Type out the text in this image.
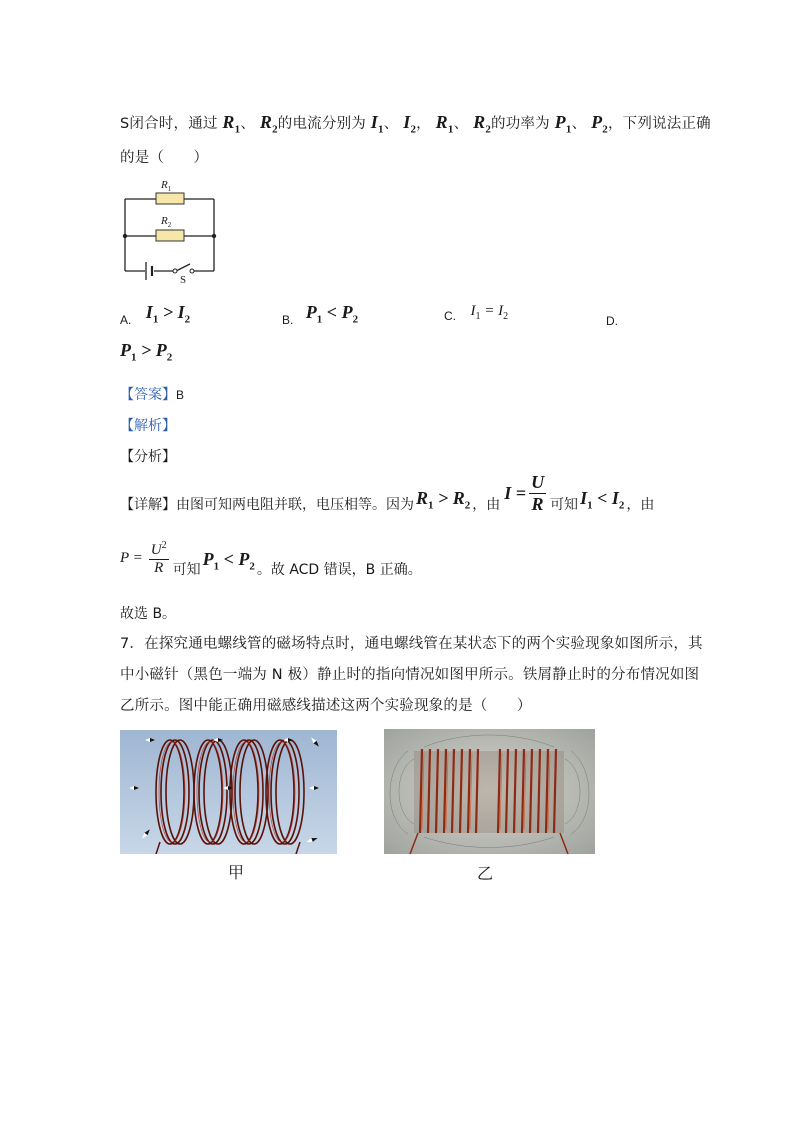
S闭合时，通过 $R_1$、 $R_2$的电流分别为 $I_1$、 $I_2$， $R_1$、 $R_2$的功率为 $P_1$、 $P_2$，下列说法正确
的是（　　）
$R_1$
$R_2$
S
A. $I_1 > I_2$	B. $P_1 < P_2$	C. $I_1 = I_2$	D.
$P_1 > P_2$
【答案】B
【解析】
【分析】
【详解】 由图可知两电阻并联，电压相等。因为 $R_1 > R_2$ ，由
$I = \frac{U}{R}$ 可知 $I_1 < I_2$ ，由
$P = \frac{U^2}{R}$ 可知
$P_1 < P_2$ 。故 ACD 错误，B 正确。
故选 B。
7．在探究通电螺线管的磁场特点时，通电螺线管在某状态下的两个实验现象如图所示，其
中小磁针（黑色一端为 N 极）静止时的指向情况如图甲所示。铁屑静止时的分布情况如图
乙所示。图中能正确用磁感线描述这两个实验现象的是（　　）
甲	乙
